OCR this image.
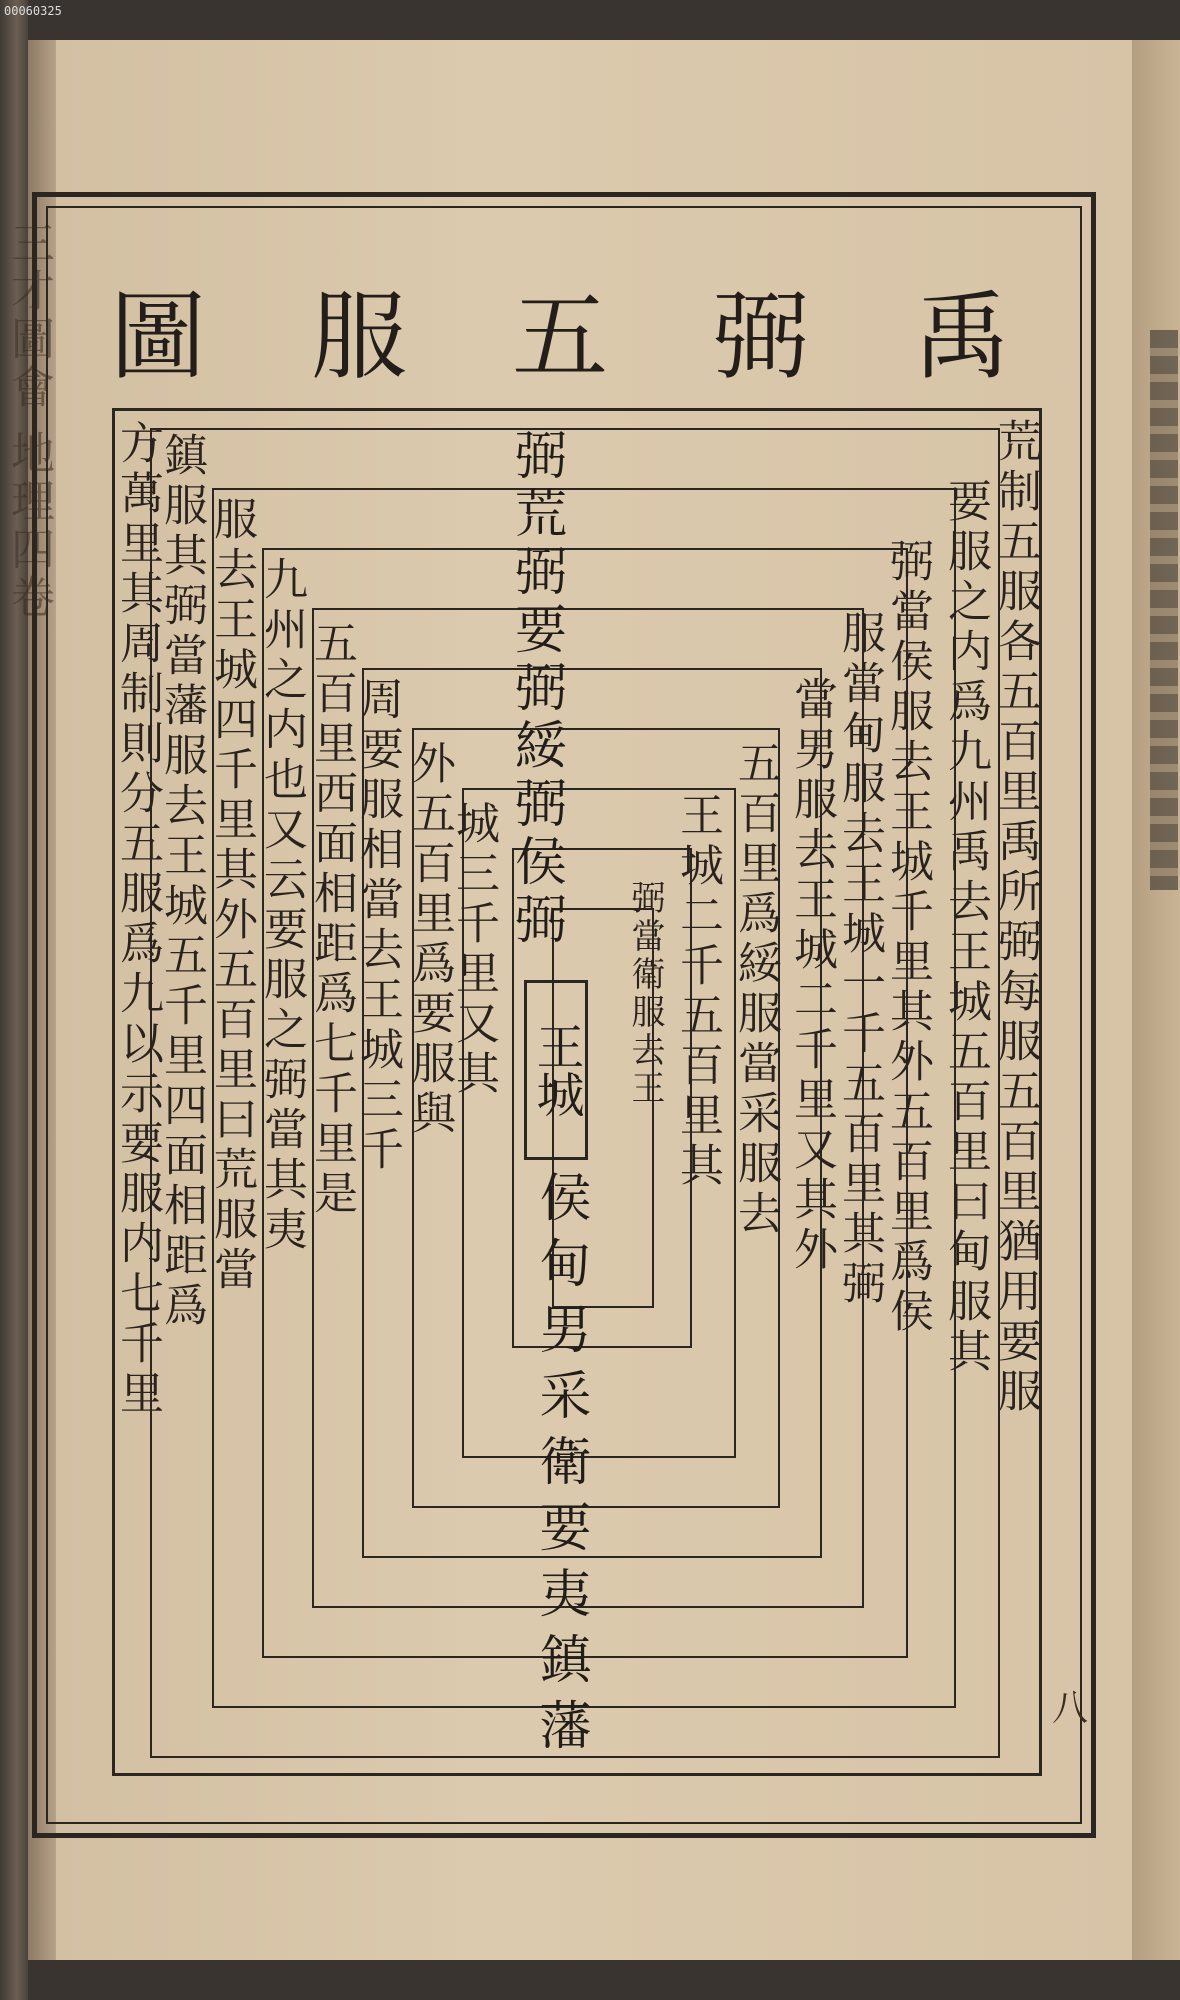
三才圖會 地理四卷
00060325
禹
弼
五
服
圖
弼
荒
弼
要
弼
綏
弼
侯
弼
王城
侯甸男采衛要夷鎮藩
荒制五服各五百里禹所弼每服五百里猶用要服
要服之内爲九州禹去王城五百里曰甸服其
弼當侯服去王城千里其外五百里爲侯
服當甸服去王城一千五百里其弼
當男服去王城二千里又其外
五百里爲綏服當采服去
王城二千五百里其
弼當衛服去王
城三千里又其
外五百里爲要服與
周要服相當去王城三千
五百里西面相距爲七千里是
九州之内也又云要服之弼當其夷
服去王城四千里其外五百里曰荒服當
鎮服其弼當藩服去王城五千里四面相距爲
方萬里其周制則分五服爲九以示要服内七千里
八
